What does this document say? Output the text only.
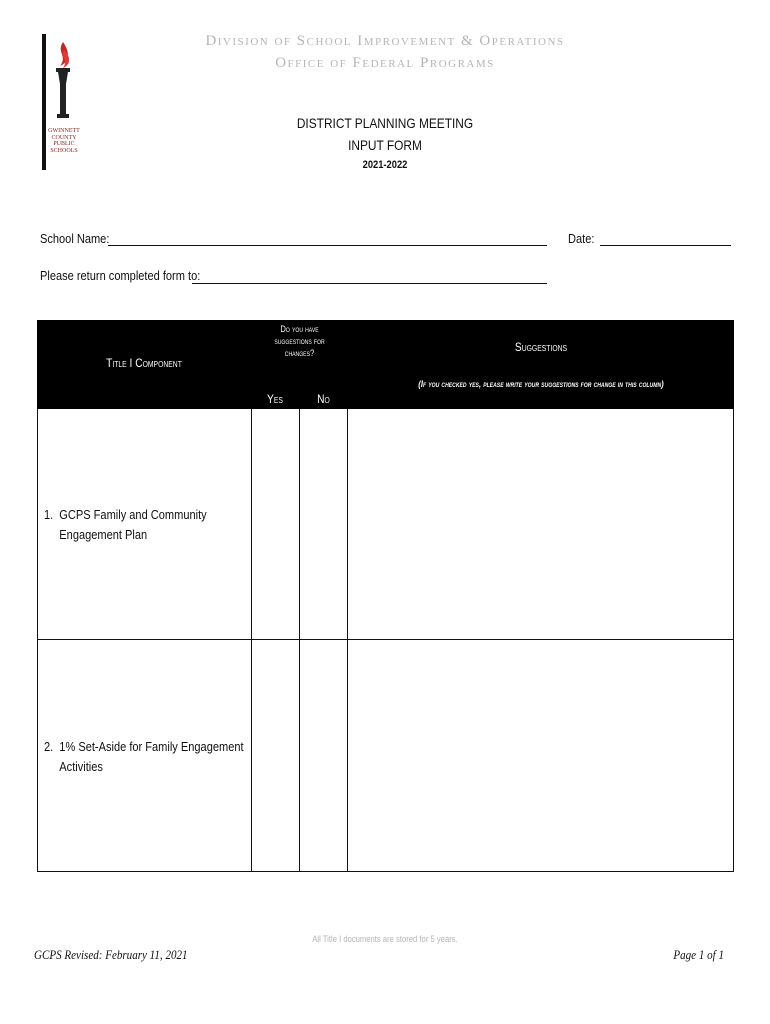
GWINNETT
COUNTY
PUBLIC
SCHOOLS
Division of School Improvement & Operations
Office of Federal Programs
DISTRICT PLANNING MEETING
INPUT FORM
2021-2022
School Name:	Date:
Please return completed form to:
Title I Component
Do you have
suggestions for
changes?
Yes	No
Suggestions
(If you checked yes, please write your suggestions for change in this column)
1. GCPS Family and Community
Engagement Plan
2. 1% Set-Aside for Family Engagement
Activities
All Title I documents are stored for 5 years.
GCPS Revised: February 11, 2021	Page 1 of 1
